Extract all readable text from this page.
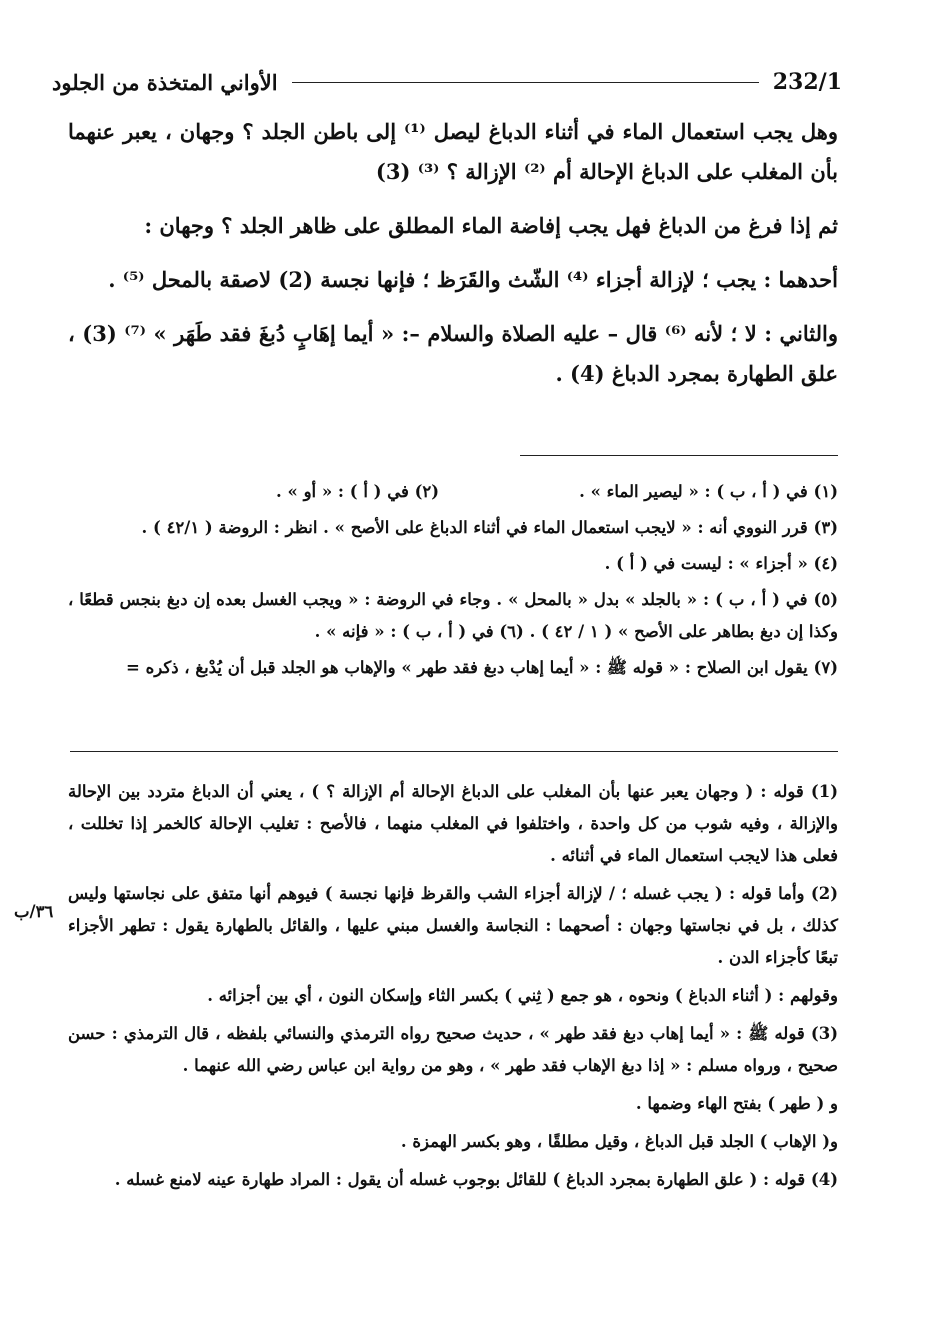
الأواني المتخذة من الجلود	232/1

وهل يجب استعمال الماء في أثناء الدباغ ليصل ⁽¹⁾ إلى باطن الجلد ؟ وجهان ، يعبر عنهما بأن المغلب على الدباغ الإحالة أم ⁽²⁾ الإزالة ؟ ⁽³⁾ (3)

ثم إذا فرغ من الدباغ فهل يجب إفاضة الماء المطلق على ظاهر الجلد ؟ وجهان :

أحدهما : يجب ؛ لإزالة أجزاء ⁽⁴⁾ الشّث والقَرَظ ؛ فإنها نجسة (2) لاصقة بالمحل ⁽⁵⁾ .

والثاني : لا ؛ لأنه ⁽⁶⁾ قال – عليه الصلاة والسلام –: « أيما إهَابٍ دُبغَ فقد طَهَر » ⁽⁷⁾ (3) ، علق الطهارة بمجرد الدباغ (4) .

(١) في ( أ ، ب ) : « ليصير الماء » .
(٢) في ( أ ) : « أو » .

(٣) قرر النووي أنه : « لايجب استعمال الماء في أثناء الدباغ على الأصح » . انظر : الروضة ( ٤٢/١ ) .

(٤) « أجزاء » : ليست في ( أ ) .

(٥) في ( أ ، ب ) : « بالجلد » بدل « بالمحل » . وجاء في الروضة : « ويجب الغسل بعده إن دبغ بنجس قطعًا ، وكذا إن دبغ بطاهر على الأصح » ( ١ / ٤٢ ) . (٦) في ( أ ، ب ) : « فإنه » .

(٧) يقول ابن الصلاح : « قوله ﷺ : « أيما إهاب دبغ فقد طهر » والإهاب هو الجلد قبل أن يُدْبغ ، ذكره =

(1) قوله : ( وجهان يعبر عنها بأن المغلب على الدباغ الإحالة أم الإزالة ؟ ) ، يعني أن الدباغ متردد بين الإحالة والإزالة ، وفيه شوب من كل واحدة ، واختلفوا في المغلب منهما ، فالأصح : تغليب الإحالة كالخمر إذا تخللت ، فعلى هذا لايجب استعمال الماء في أثنائه .

(2) وأما قوله : ( يجب غسله ؛ / لإزالة أجزاء الشب والقرظ فإنها نجسة ) فيوهم أنها متفق على نجاستها وليس كذلك ، بل في نجاستها وجهان : أصحهما : النجاسة والغسل مبني عليها ، والقائل بالطهارة يقول : تطهر الأجزاء تبعًا كأجزاء الدن .

وقولهم : ( أثناء الدباغ ) ونحوه ، هو جمع ( ثِني ) بكسر الثاء وإسكان النون ، أي بين أجزائه .

(3) قوله ﷺ : « أيما إهاب دبغ فقد طهر » ، حديث صحيح رواه الترمذي والنسائي بلفظه ، قال الترمذي : حسن صحيح ، ورواه مسلم : « إذا دبغ الإهاب فقد طهر » ، وهو من رواية ابن عباس رضي الله عنهما .

و ( طهر ) بفتح الهاء وضمها .

و( الإهاب ) الجلد قبل الدباغ ، وقيل مطلقًا ، وهو بكسر الهمزة .

(4) قوله : ( علق الطهارة بمجرد الدباغ ) للقائل بوجوب غسله أن يقول : المراد طهارة عينه لامنع غسله .

٣٦/ب
